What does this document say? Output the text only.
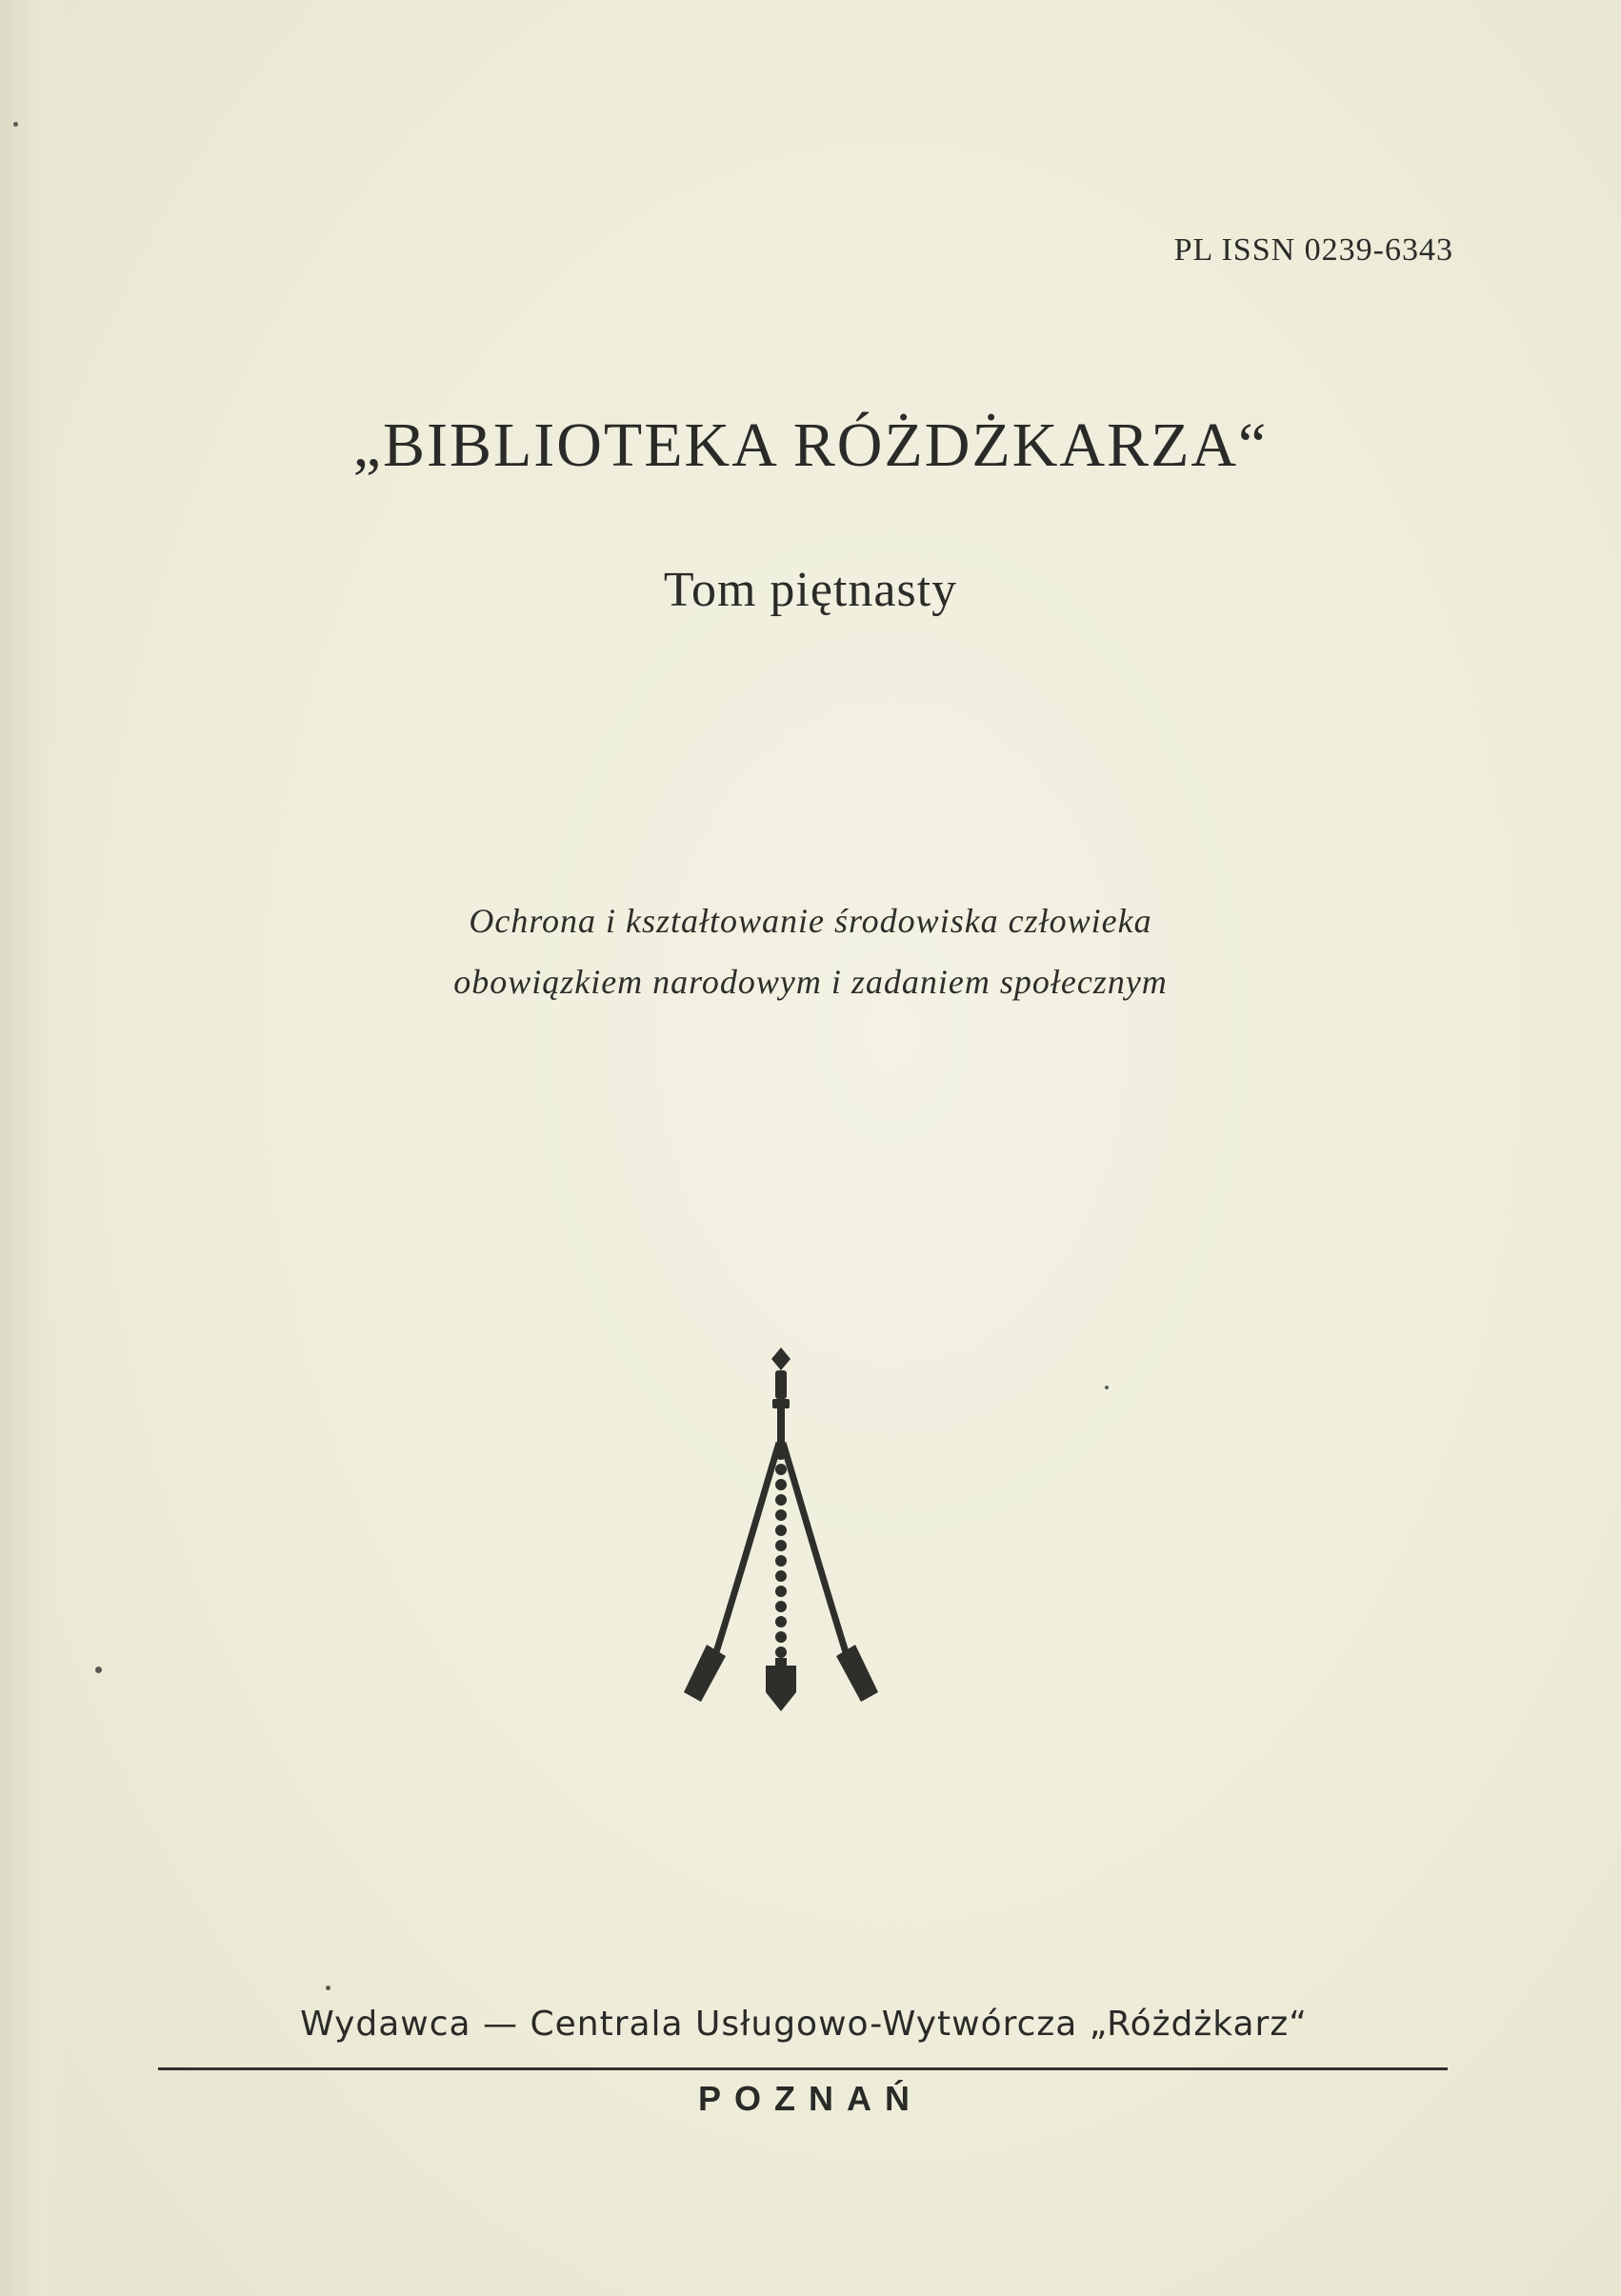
PL ISSN 0239-6343
„BIBLIOTEKA RÓŻDŻKARZA“
Tom piętnasty
Ochrona i kształtowanie środowiska człowieka
obowiązkiem narodowym i zadaniem społecznym
Wydawca — Centrala Usługowo-Wytwórcza „Różdżkarz“
POZNAŃ
